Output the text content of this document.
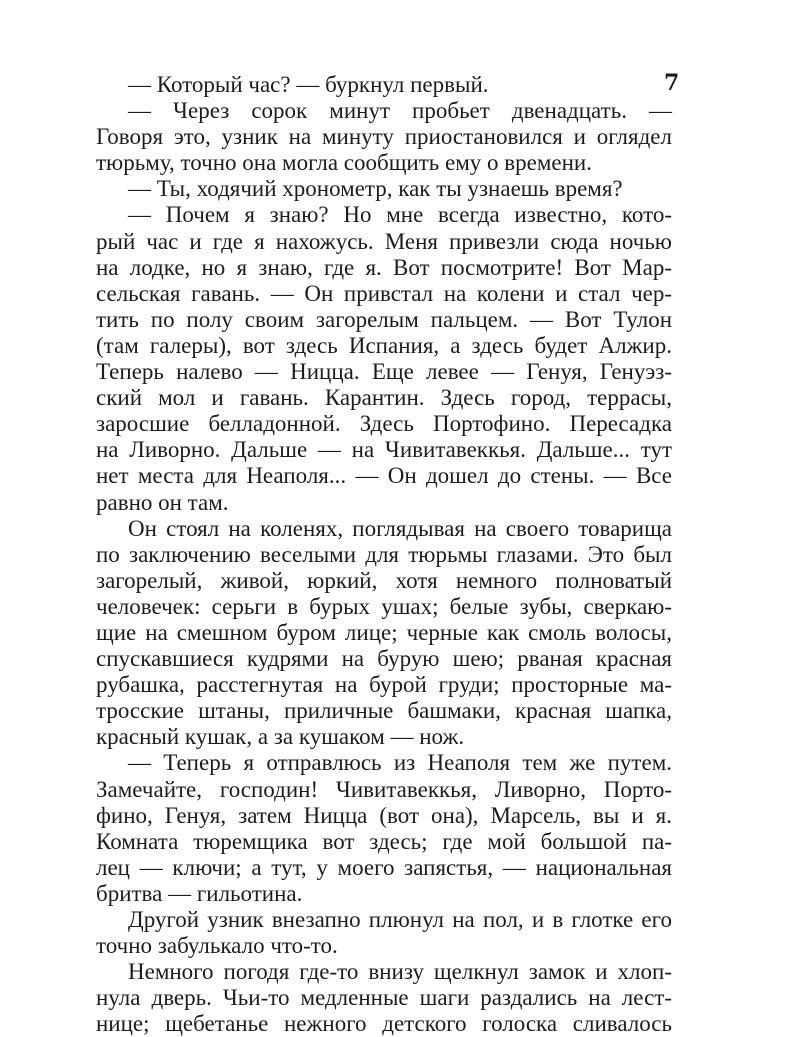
7
— Который час? — буркнул первый.
— Через сорок минут пробьет двенадцать. —
Говоря это, узник на минуту приостановился и оглядел
тюрьму, точно она могла сообщить ему о времени.
— Ты, ходячий хронометр, как ты узнаешь время?
— Почем я знаю? Но мне всегда известно, кото-
рый час и где я нахожусь. Меня привезли сюда ночью
на лодке, но я знаю, где я. Вот посмотрите! Вот Мар-
сельская гавань. — Он привстал на колени и стал чер-
тить по полу своим загорелым пальцем. — Вот Тулон
(там галеры), вот здесь Испания, а здесь будет Алжир.
Теперь налево — Ницца. Еще левее — Генуя, Генуэз-
ский мол и гавань. Карантин. Здесь город, террасы,
заросшие белладонной. Здесь Портофино. Пересадка
на Ливорно. Дальше — на Чивитавеккья. Дальше... тут
нет места для Неаполя... — Он дошел до стены. — Все
равно он там.
Он стоял на коленях, поглядывая на своего товарища
по заключению веселыми для тюрьмы глазами. Это был
загорелый, живой, юркий, хотя немного полноватый
человечек: серьги в бурых ушах; белые зубы, сверкаю-
щие на смешном буром лице; черные как смоль волосы,
спускавшиеся кудрями на бурую шею; рваная красная
рубашка, расстегнутая на бурой груди; просторные ма-
тросские штаны, приличные башмаки, красная шапка,
красный кушак, а за кушаком — нож.
— Теперь я отправлюсь из Неаполя тем же путем.
Замечайте, господин! Чивитавеккья, Ливорно, Порто-
фино, Генуя, затем Ницца (вот она), Марсель, вы и я.
Комната тюремщика вот здесь; где мой большой па-
лец — ключи; а тут, у моего запястья, — национальная
бритва — гильотина.
Другой узник внезапно плюнул на пол, и в глотке его
точно забулькало что-то.
Немного погодя где-то внизу щелкнул замок и хлоп-
нула дверь. Чьи-то медленные шаги раздались на лест-
нице; щебетанье нежного детского голоска сливалось
